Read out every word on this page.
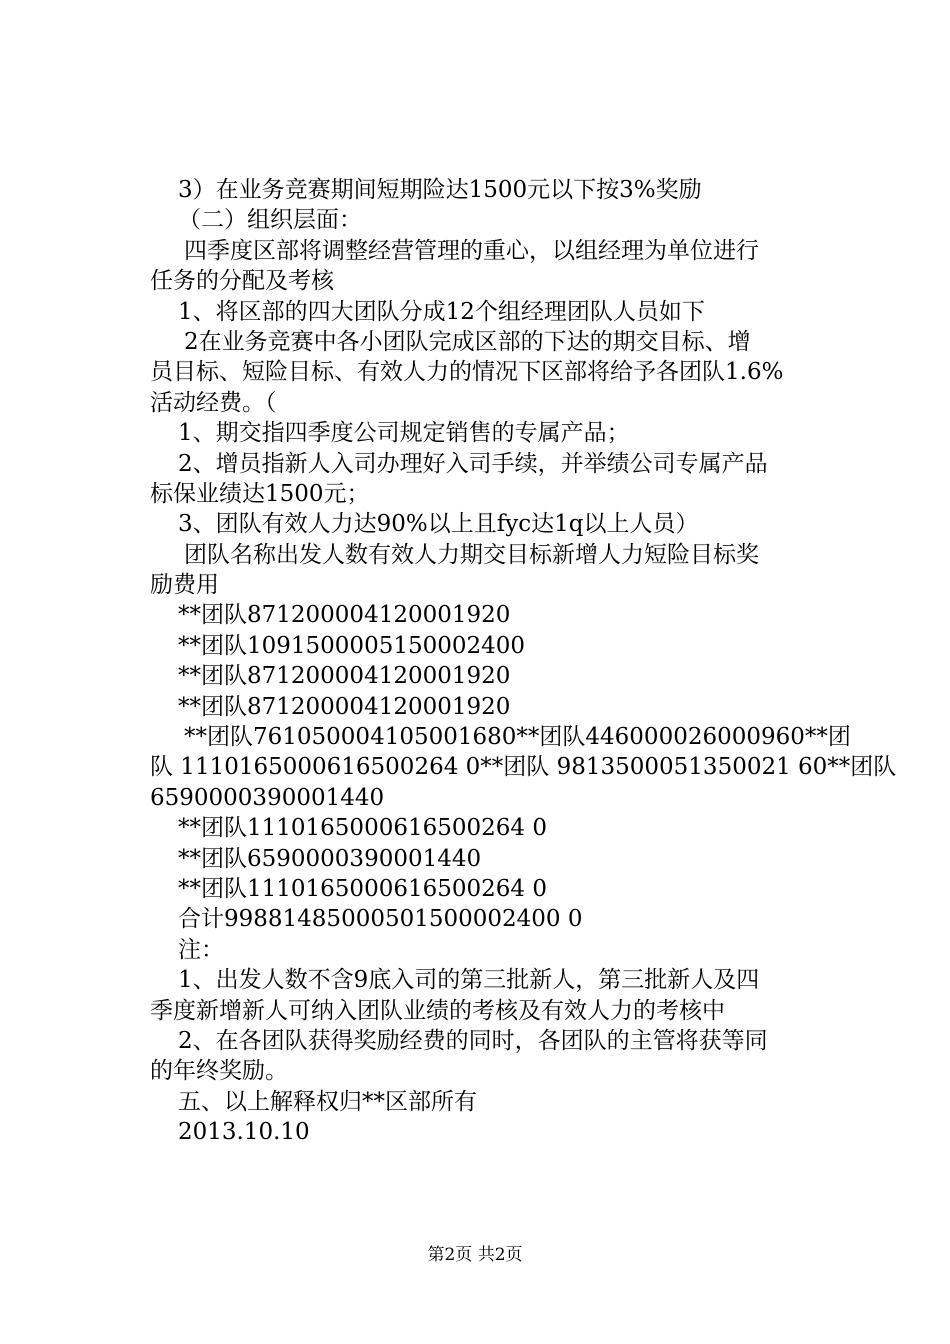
3）在业务竞赛期间短期险达1500元以下按3%奖励
（二）组织层面：
四季度区部将调整经营管理的重心，以组经理为单位进行
任务的分配及考核
1、将区部的四大团队分成12个组经理团队人员如下
2在业务竞赛中各小团队完成区部的下达的期交目标、增
员目标、短险目标、有效人力的情况下区部将给予各团队1.6%
活动经费。（
1、期交指四季度公司规定销售的专属产品；
2、增员指新人入司办理好入司手续，并举绩公司专属产品
标保业绩达1500元；
3、团队有效人力达90%以上且fyc达1q以上人员）
团队名称出发人数有效人力期交目标新增人力短险目标奖
励费用
**团队871200004120001920
**团队1091500005150002400
**团队871200004120001920
**团队871200004120001920
**团队761050004105001680**团队446000026000960**团
队 1110165000616500264 0**团队 9813500051350021 60**团队
6590000390001440
**团队1110165000616500264 0
**团队6590000390001440
**团队1110165000616500264 0
合计99881485000501500002400 0
注：
1、出发人数不含9底入司的第三批新人，第三批新人及四
季度新增新人可纳入团队业绩的考核及有效人力的考核中
2、在各团队获得奖励经费的同时，各团队的主管将获等同
的年终奖励。
五、以上解释权归**区部所有
2013.10.10
第2页 共2页
